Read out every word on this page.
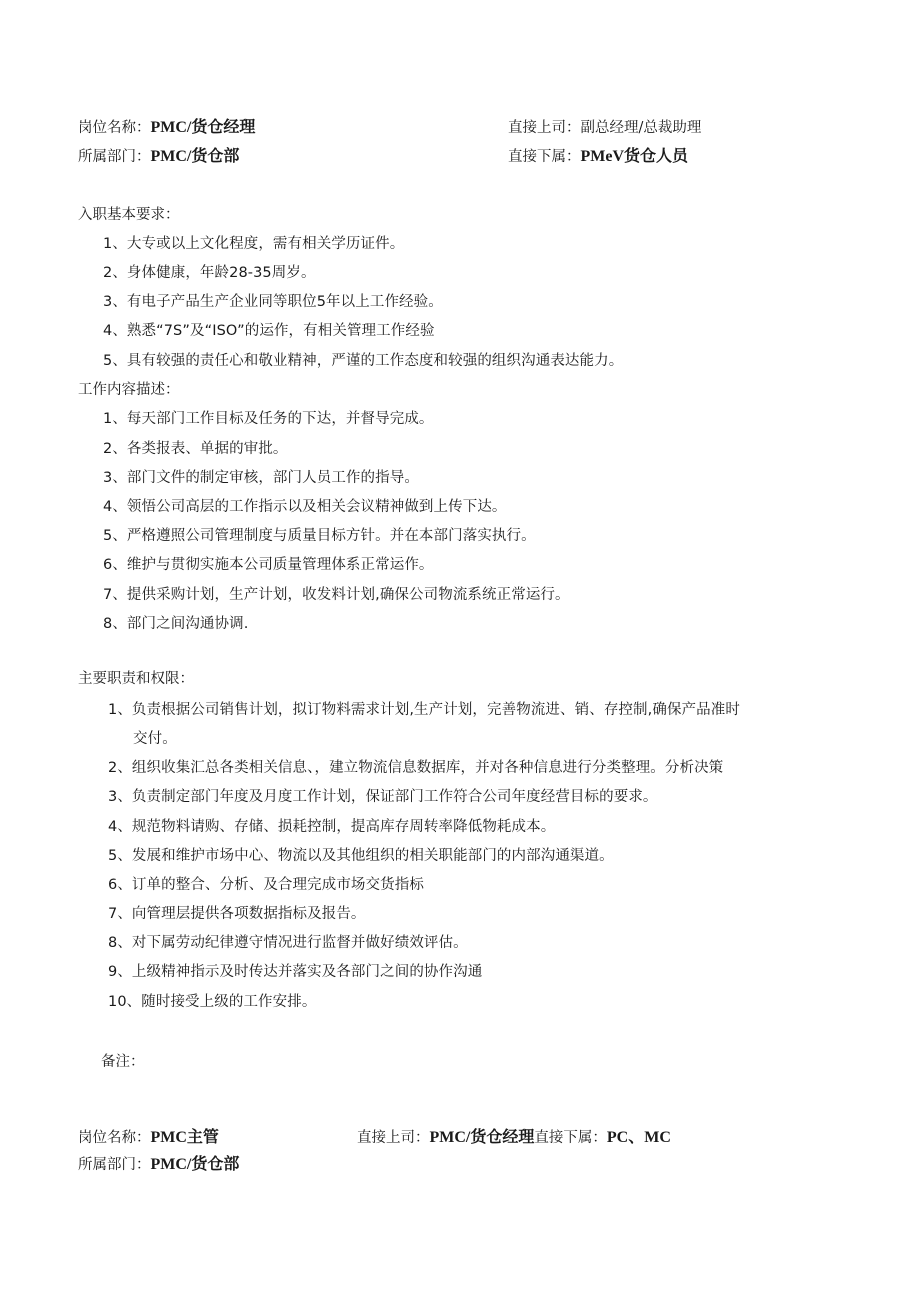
岗位名称：PMC/货仓经理	直接上司：副总经理/总裁助理
所属部门：PMC/货仓部	直接下属：PMeV货仓人员
入职基本要求：
1、大专或以上文化程度，需有相关学历证件。
2、身体健康，年龄28-35周岁。
3、有电子产品生产企业同等职位5年以上工作经验。
4、熟悉“7S”及“ISO”的运作，有相关管理工作经验
5、具有较强的责任心和敬业精神，严谨的工作态度和较强的组织沟通表达能力。
工作内容描述：
1、每天部门工作目标及任务的下达，并督导完成。
2、各类报表、单据的审批。
3、部门文件的制定审核，部门人员工作的指导。
4、领悟公司高层的工作指示以及相关会议精神做到上传下达。
5、严格遵照公司管理制度与质量目标方针。并在本部门落实执行。
6、维护与贯彻实施本公司质量管理体系正常运作。
7、提供采购计划，生产计划，收发料计划,确保公司物流系统正常运行。
8、部门之间沟通协调.
主要职责和权限：
1、负责根据公司销售计划，拟订物料需求计划,生产计划，完善物流进、销、存控制,确保产品准时
交付。
2、组织收集汇总各类相关信息、，建立物流信息数据库，并对各种信息进行分类整理。分析决策
3、负责制定部门年度及月度工作计划，保证部门工作符合公司年度经营目标的要求。
4、规范物料请购、存储、损耗控制，提高库存周转率降低物耗成本。
5、发展和维护市场中心、物流以及其他组织的相关职能部门的内部沟通渠道。
6、订单的整合、分析、及合理完成市场交货指标
7、向管理层提供各项数据指标及报告。
8、对下属劳动纪律遵守情况进行监督并做好绩效评估。
9、上级精神指示及时传达并落实及各部门之间的协作沟通
10、随时接受上级的工作安排。
备注：
岗位名称：PMC主管	直接上司：PMC/货仓经理直接下属：PC、MC
所属部门：PMC/货仓部
